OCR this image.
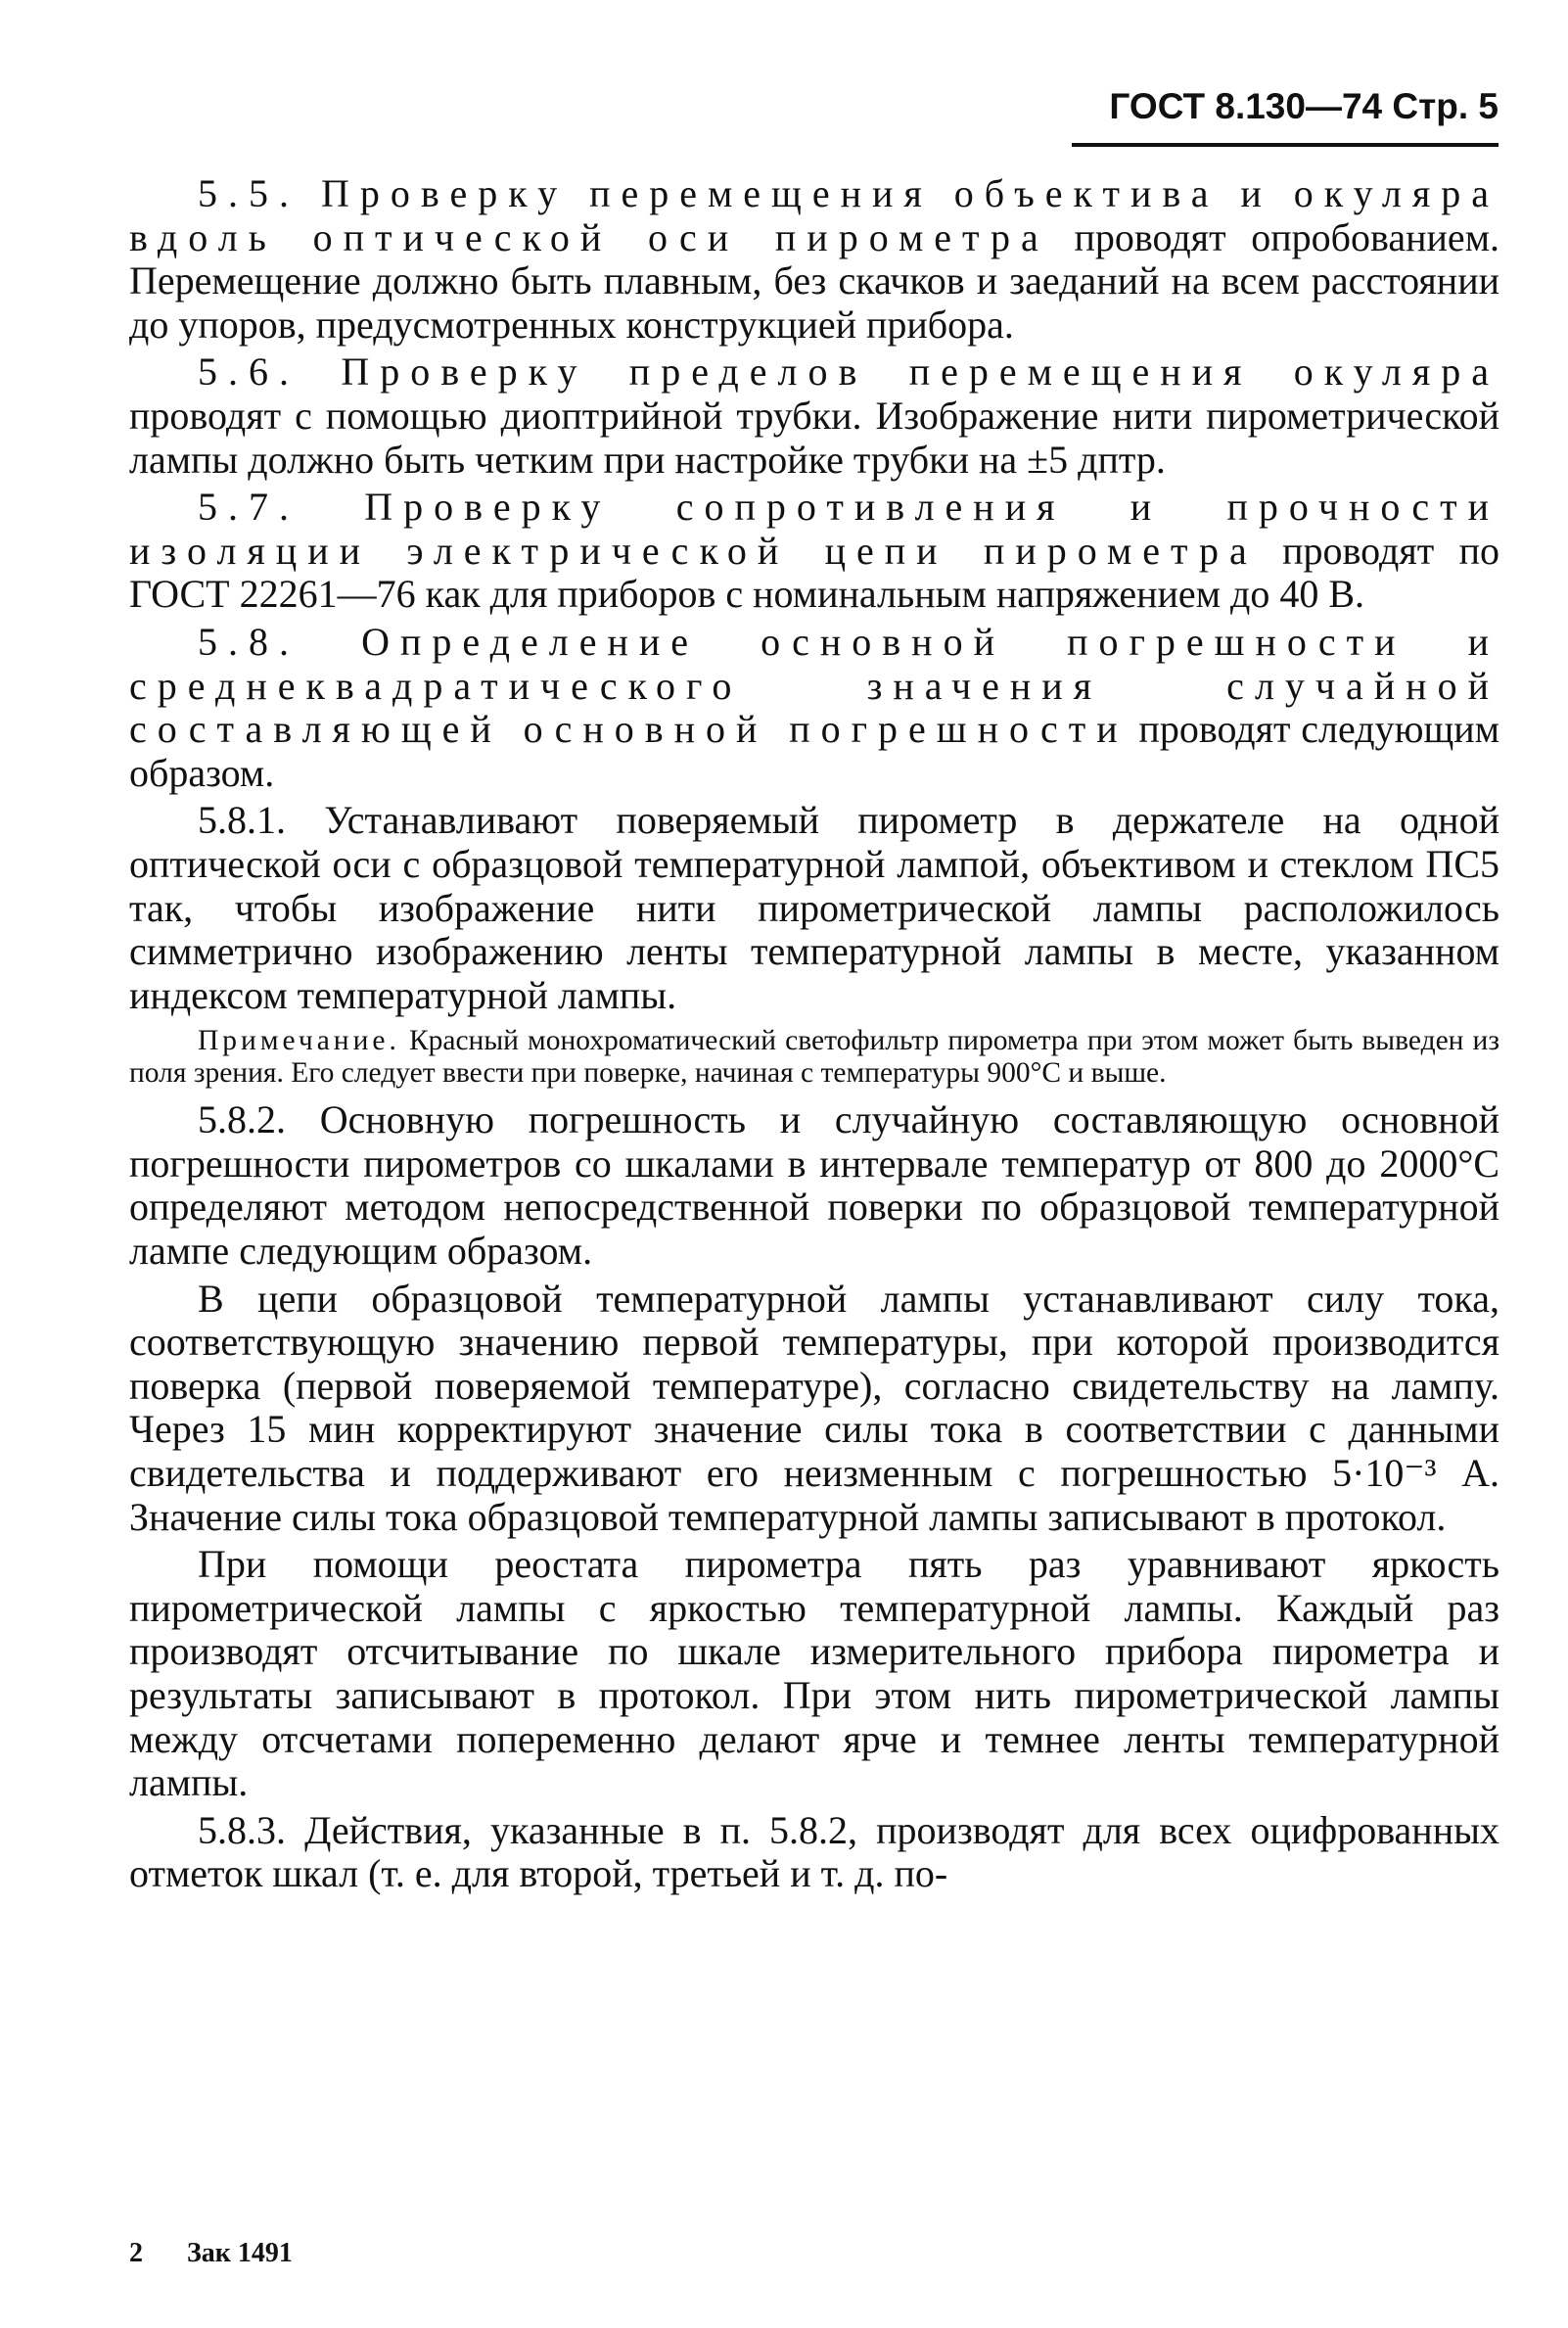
ГОСТ 8.130—74 Стр. 5

5.5. Проверку перемещения объектива и окуляра вдоль оптической оси пирометра проводят опробованием. Перемещение должно быть плавным, без скачков и заеданий на всем расстоянии до упоров, предусмотренных конструкцией прибора.

5.6. Проверку пределов перемещения окуляра проводят с помощью диоптрийной трубки. Изображение нити пирометрической лампы должно быть четким при настройке трубки на ±5 дптр.

5.7. Проверку сопротивления и прочности изоляции электрической цепи пирометра проводят по ГОСТ 22261—76 как для приборов с номинальным напряжением до 40 В.

5.8. Определение основной погрешности и среднеквадратического значения случайной составляющей основной погрешности проводят следующим образом.

5.8.1. Устанавливают поверяемый пирометр в держателе на одной оптической оси с образцовой температурной лампой, объективом и стеклом ПС5 так, чтобы изображение нити пирометрической лампы расположилось симметрично изображению ленты температурной лампы в месте, указанном индексом температурной лампы.

Примечание. Красный монохроматический светофильтр пирометра при этом может быть выведен из поля зрения. Его следует ввести при поверке, начиная с температуры 900°С и выше.

5.8.2. Основную погрешность и случайную составляющую основной погрешности пирометров со шкалами в интервале температур от 800 до 2000°С определяют методом непосредственной поверки по образцовой температурной лампе следующим образом.

В цепи образцовой температурной лампы устанавливают силу тока, соответствующую значению первой температуры, при которой производится поверка (первой поверяемой температуре), согласно свидетельству на лампу. Через 15 мин корректируют значение силы тока в соответствии с данными свидетельства и поддерживают его неизменным с погрешностью 5·10⁻³ А. Значение силы тока образцовой температурной лампы записывают в протокол.

При помощи реостата пирометра пять раз уравнивают яркость пирометрической лампы с яркостью температурной лампы. Каждый раз производят отсчитывание по шкале измерительного прибора пирометра и результаты записывают в протокол. При этом нить пирометрической лампы между отсчетами попеременно делают ярче и темнее ленты температурной лампы.

5.8.3. Действия, указанные в п. 5.8.2, производят для всех оцифрованных отметок шкал (т. е. для второй, третьей и т. д. по-

2 Зак 1491
